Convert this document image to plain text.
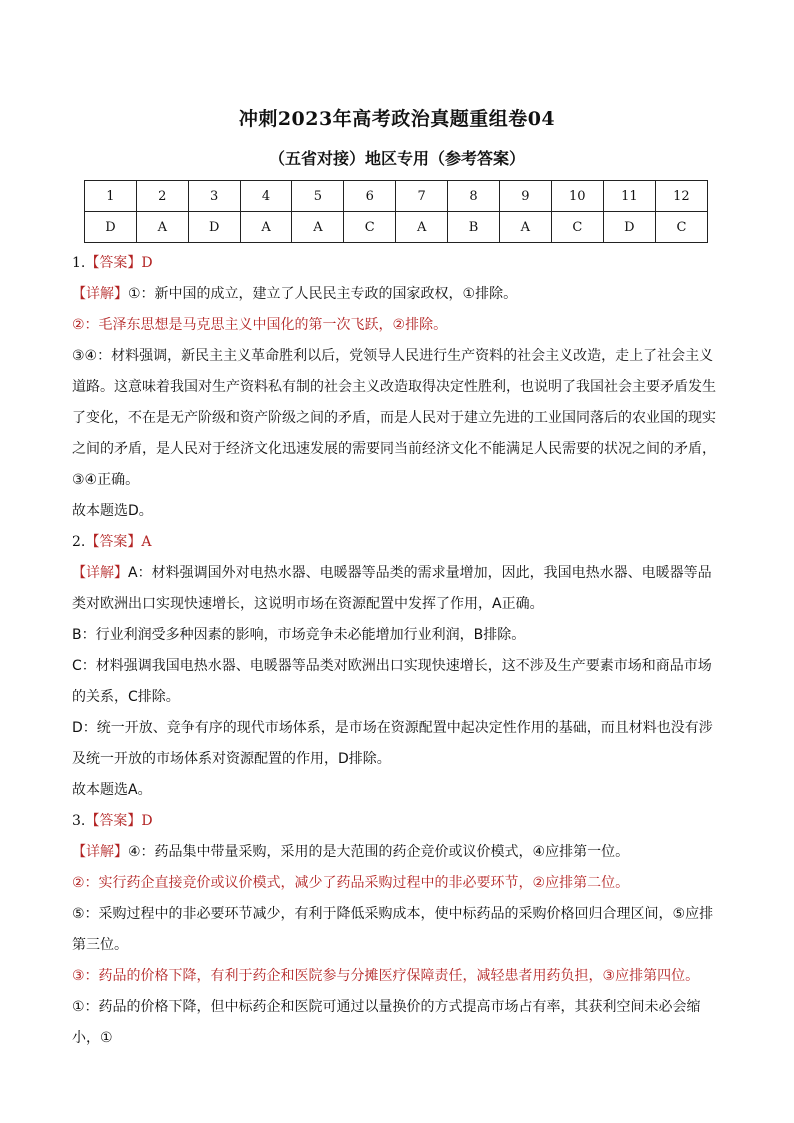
冲刺2023年高考政治真题重组卷04
（五省对接）地区专用（参考答案）
1	2	3	4	5	6	7	8	9	10	11	12
D	A	D	A	A	C	A	B	A	C	D	C

1.【答案】D

【详解】①：新中国的成立，建立了人民民主专政的国家政权，①排除。

②：毛泽东思想是马克思主义中国化的第一次飞跃，②排除。

③④：材料强调，新民主主义革命胜利以后，党领导人民进行生产资料的社会主义改造，走上了社会主义道路。这意味着我国对生产资料私有制的社会主义改造取得决定性胜利，也说明了我国社会主要矛盾发生了变化，不在是无产阶级和资产阶级之间的矛盾，而是人民对于建立先进的工业国同落后的农业国的现实之间的矛盾，是人民对于经济文化迅速发展的需要同当前经济文化不能满足人民需要的状况之间的矛盾，③④正确。

故本题选D。

2.【答案】A

【详解】A：材料强调国外对电热水器、电暖器等品类的需求量增加，因此，我国电热水器、电暖器等品类对欧洲出口实现快速增长，这说明市场在资源配置中发挥了作用，A正确。

B：行业利润受多种因素的影响，市场竞争未必能增加行业利润，B排除。

C：材料强调我国电热水器、电暖器等品类对欧洲出口实现快速增长，这不涉及生产要素市场和商品市场的关系，C排除。

D：统一开放、竞争有序的现代市场体系，是市场在资源配置中起决定性作用的基础，而且材料也没有涉及统一开放的市场体系对资源配置的作用，D排除。

故本题选A。

3.【答案】D

【详解】④：药品集中带量采购，采用的是大范围的药企竞价或议价模式，④应排第一位。

②：实行药企直接竞价或议价模式，减少了药品采购过程中的非必要环节，②应排第二位。

⑤：采购过程中的非必要环节减少，有利于降低采购成本，使中标药品的采购价格回归合理区间，⑤应排第三位。

③：药品的价格下降，有利于药企和医院参与分摊医疗保障责任，减轻患者用药负担，③应排第四位。

①：药品的价格下降，但中标药企和医院可通过以量换价的方式提高市场占有率，其获利空间未必会缩小，①
